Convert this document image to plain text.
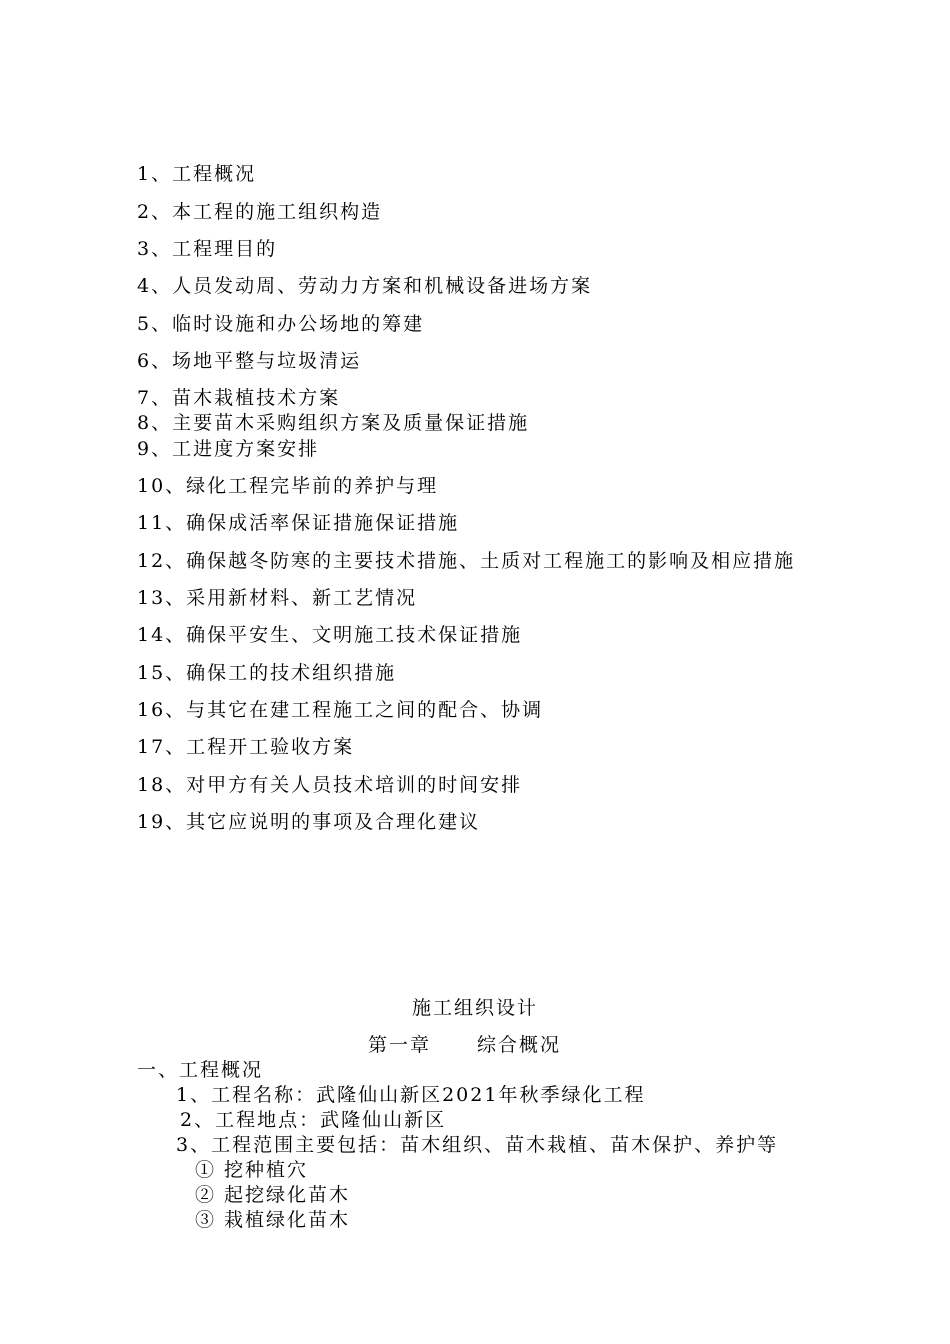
1、工程概况
2、本工程的施工组织构造
3、工程理目的
4、人员发动周、劳动力方案和机械设备进场方案
5、临时设施和办公场地的筹建
6、场地平整与垃圾清运
7、苗木栽植技术方案
8、主要苗木采购组织方案及质量保证措施
9、工进度方案安排
10、绿化工程完毕前的养护与理
11、确保成活率保证措施保证措施
12、确保越冬防寒的主要技术措施、土质对工程施工的影响及相应措施
13、采用新材料、新工艺情况
14、确保平安生、文明施工技术保证措施
15、确保工的技术组织措施
16、与其它在建工程施工之间的配合、协调
17、工程开工验收方案
18、对甲方有关人员技术培训的时间安排
19、其它应说明的事项及合理化建议
施工组织设计
第一章 综合概况
一、工程概况
1、工程名称：武隆仙山新区2021年秋季绿化工程
2、工程地点：武隆仙山新区
3、工程范围主要包括：苗木组织、苗木栽植、苗木保护、养护等
① 挖种植穴
② 起挖绿化苗木
③ 栽植绿化苗木
